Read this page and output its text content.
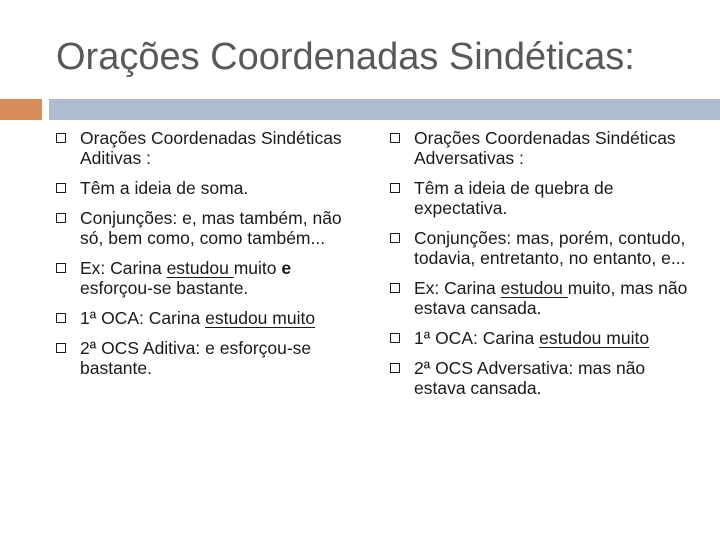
Orações Coordenadas Sindéticas:
Orações Coordenadas Sindéticas Aditivas :
Têm a ideia de soma.
Conjunções: e, mas também, não só, bem como, como também...
Ex: Carina estudou muito e esforçou-se bastante.
1ª OCA: Carina estudou muito
2ª OCS Aditiva: e esforçou-se bastante.
Orações Coordenadas Sindéticas Adversativas :
Têm a ideia de quebra de expectativa.
Conjunções: mas, porém, contudo, todavia, entretanto, no entanto, e...
Ex: Carina estudou muito, mas não estava cansada.
1ª OCA: Carina estudou muito
2ª OCS Adversativa: mas não estava cansada.
